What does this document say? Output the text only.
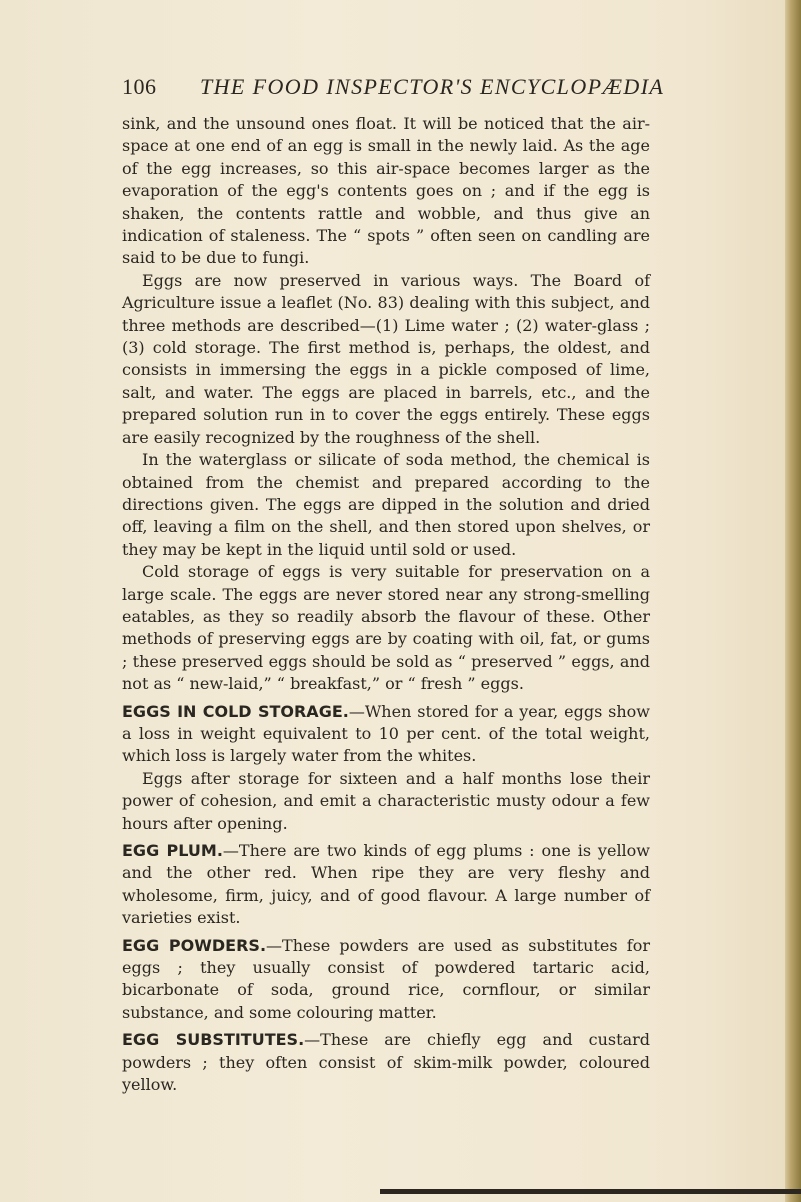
106 THE FOOD INSPECTOR'S ENCYCLOPÆDIA

sink, and the unsound ones float. It will be noticed that the air-space at one end of an egg is small in the newly laid. As the age of the egg increases, so this air-space becomes larger as the evaporation of the egg's contents goes on ; and if the egg is shaken, the contents rattle and wobble, and thus give an indication of staleness. The “ spots ” often seen on candling are said to be due to fungi.

Eggs are now preserved in various ways. The Board of Agriculture issue a leaflet (No. 83) dealing with this subject, and three methods are described—(1) Lime water ; (2) water-glass ; (3) cold storage. The first method is, perhaps, the oldest, and consists in immersing the eggs in a pickle composed of lime, salt, and water. The eggs are placed in barrels, etc., and the prepared solution run in to cover the eggs entirely. These eggs are easily recognized by the roughness of the shell.

In the waterglass or silicate of soda method, the chemical is obtained from the chemist and prepared according to the directions given. The eggs are dipped in the solution and dried off, leaving a film on the shell, and then stored upon shelves, or they may be kept in the liquid until sold or used.

Cold storage of eggs is very suitable for preservation on a large scale. The eggs are never stored near any strong-smelling eatables, as they so readily absorb the flavour of these. Other methods of preserving eggs are by coating with oil, fat, or gums ; these preserved eggs should be sold as “ preserved ” eggs, and not as “ new-laid,” “ breakfast,” or “ fresh ” eggs.

EGGS IN COLD STORAGE.—When stored for a year, eggs show a loss in weight equivalent to 10 per cent. of the total weight, which loss is largely water from the whites.

Eggs after storage for sixteen and a half months lose their power of cohesion, and emit a characteristic musty odour a few hours after opening.

EGG PLUM.—There are two kinds of egg plums : one is yellow and the other red. When ripe they are very fleshy and wholesome, firm, juicy, and of good flavour. A large number of varieties exist.

EGG POWDERS.—These powders are used as substitutes for eggs ; they usually consist of powdered tartaric acid, bicarbonate of soda, ground rice, cornflour, or similar substance, and some colouring matter.

EGG SUBSTITUTES.—These are chiefly egg and custard powders ; they often consist of skim-milk powder, coloured yellow.
